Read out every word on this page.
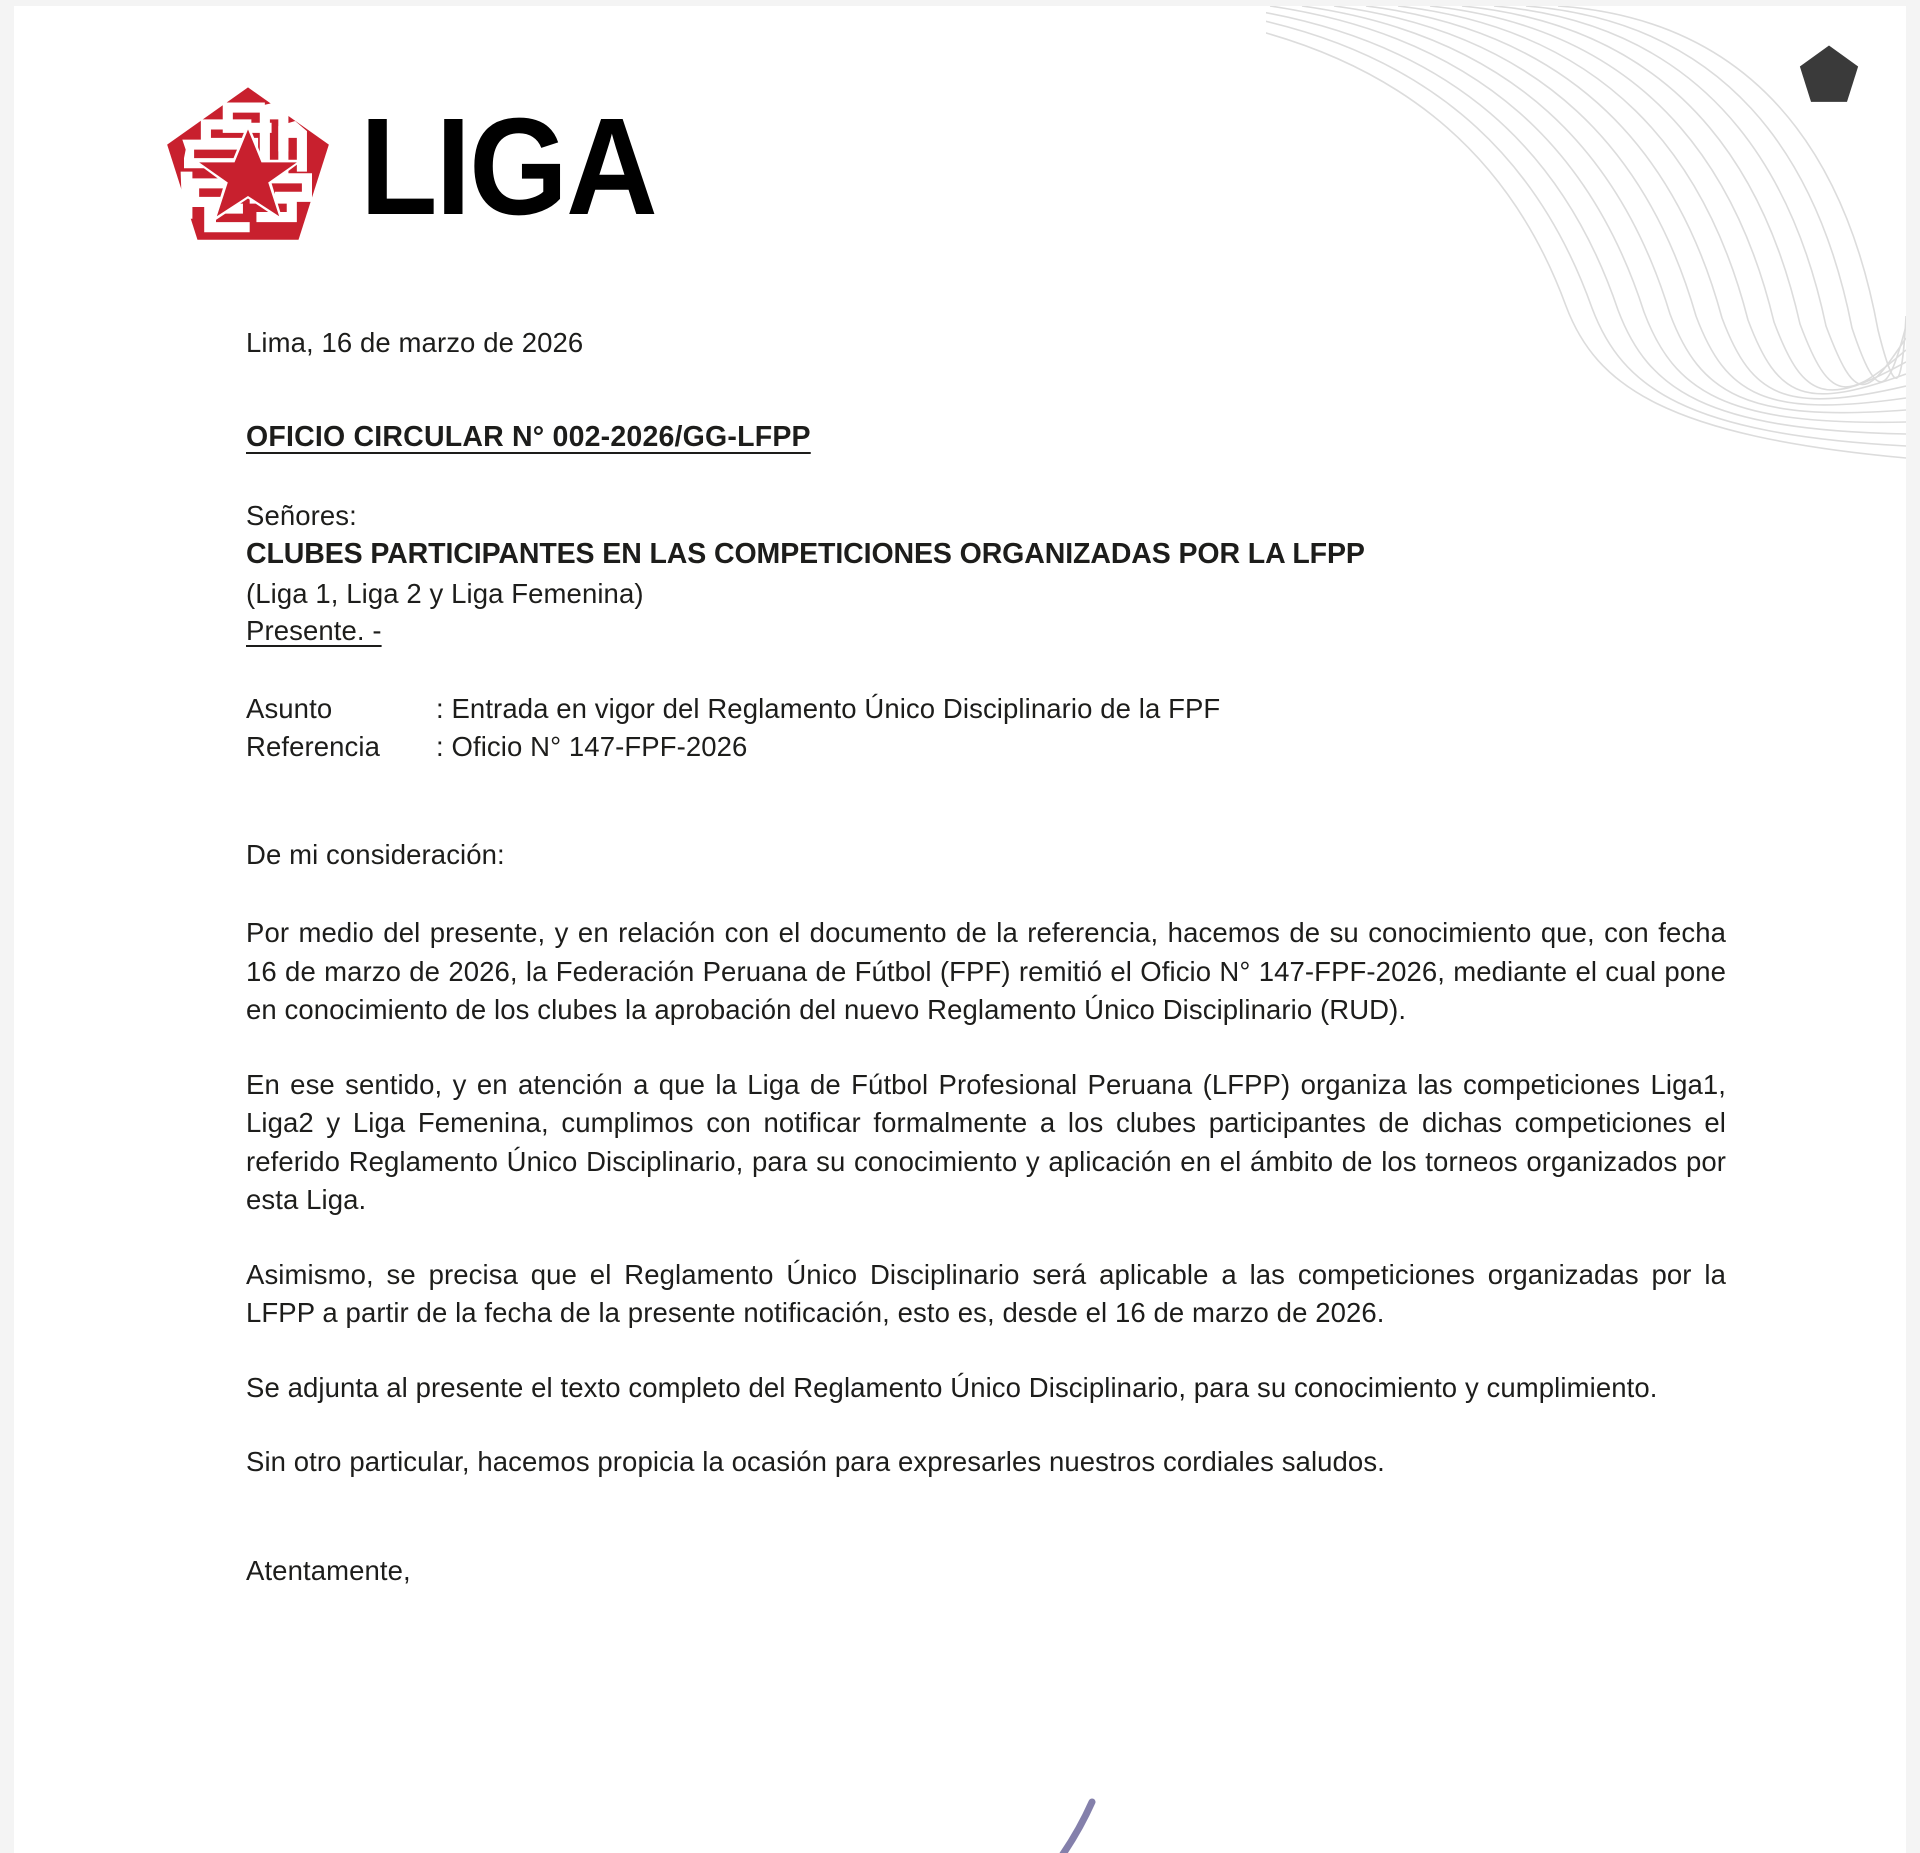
LIGA
Lima, 16 de marzo de 2026
OFICIO CIRCULAR N° 002-2026/GG-LFPP
Señores:
CLUBES PARTICIPANTES EN LAS COMPETICIONES ORGANIZADAS POR LA LFPP
(Liga 1, Liga 2 y Liga Femenina)
Presente. -
Asunto	: Entrada en vigor del Reglamento Único Disciplinario de la FPF
Referencia	: Oficio N° 147-FPF-2026
De mi consideración:

Por medio del presente, y en relación con el documento de la referencia, hacemos de su conocimiento que, con fecha 16 de marzo de 2026, la Federación Peruana de Fútbol (FPF) remitió el Oficio N° 147-FPF-2026, mediante el cual pone en conocimiento de los clubes la aprobación del nuevo Reglamento Único Disciplinario (RUD).

En ese sentido, y en atención a que la Liga de Fútbol Profesional Peruana (LFPP) organiza las competiciones Liga1, Liga2 y Liga Femenina, cumplimos con notificar formalmente a los clubes participantes de dichas competiciones el referido Reglamento Único Disciplinario, para su conocimiento y aplicación en el ámbito de los torneos organizados por esta Liga.

Asimismo, se precisa que el Reglamento Único Disciplinario será aplicable a las competiciones organizadas por la LFPP a partir de la fecha de la presente notificación, esto es, desde el 16 de marzo de 2026.

Se adjunta al presente el texto completo del Reglamento Único Disciplinario, para su conocimiento y cumplimiento.

Sin otro particular, hacemos propicia la ocasión para expresarles nuestros cordiales saludos.

Atentamente,
